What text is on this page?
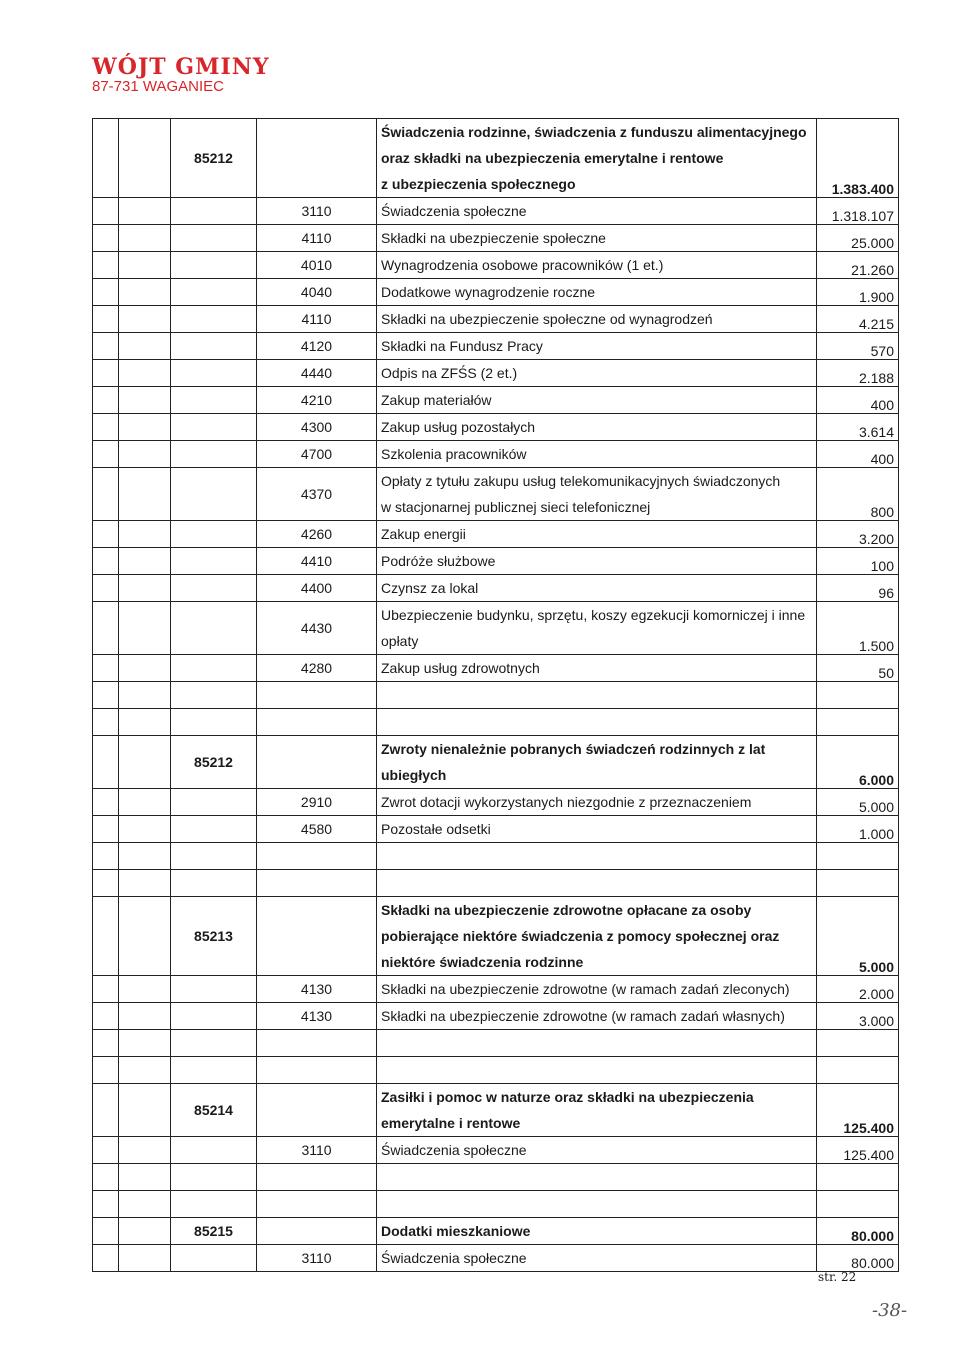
WÓJT GMINY
87-731 WAGANIEC
		85212		Świadczenia rodzinne, świadczenia z funduszu alimentacyjnego
oraz składki na ubezpieczenia emerytalne i rentowe
z ubezpieczenia społecznego	1.383.400
			3110	Świadczenia społeczne	1.318.107
			4110	Składki na ubezpieczenie społeczne	25.000
			4010	Wynagrodzenia osobowe pracowników (1 et.)	21.260
			4040	Dodatkowe wynagrodzenie roczne	1.900
			4110	Składki na ubezpieczenie społeczne od wynagrodzeń	4.215
			4120	Składki na Fundusz Pracy	570
			4440	Odpis na ZFŚS (2 et.)	2.188
			4210	Zakup materiałów	400
			4300	Zakup usług pozostałych	3.614
			4700	Szkolenia pracowników	400
			4370	Opłaty z tytułu zakupu usług telekomunikacyjnych świadczonych
w stacjonarnej publicznej sieci telefonicznej	800
			4260	Zakup energii	3.200
			4410	Podróże służbowe	100
			4400	Czynsz za lokal	96
			4430	Ubezpieczenie budynku, sprzętu, koszy egzekucji komorniczej i inne
opłaty	1.500
			4280	Zakup usług zdrowotnych	50

		85212		Zwroty nienależnie pobranych świadczeń rodzinnych z lat
ubiegłych	6.000
			2910	Zwrot dotacji wykorzystanych niezgodnie z przeznaczeniem	5.000
			4580	Pozostałe odsetki	1.000

		85213		Składki na ubezpieczenie zdrowotne opłacane za osoby
pobierające niektóre świadczenia z pomocy społecznej oraz
niektóre świadczenia rodzinne	5.000
			4130	Składki na ubezpieczenie zdrowotne (w ramach zadań zleconych)	2.000
			4130	Składki na ubezpieczenie zdrowotne (w ramach zadań własnych)	3.000

		85214		Zasiłki i pomoc w naturze oraz składki na ubezpieczenia
emerytalne i rentowe	125.400
			3110	Świadczenia społeczne	125.400

		85215		Dodatki mieszkaniowe	80.000
			3110	Świadczenia społeczne	80.000
str. 22
-38-
